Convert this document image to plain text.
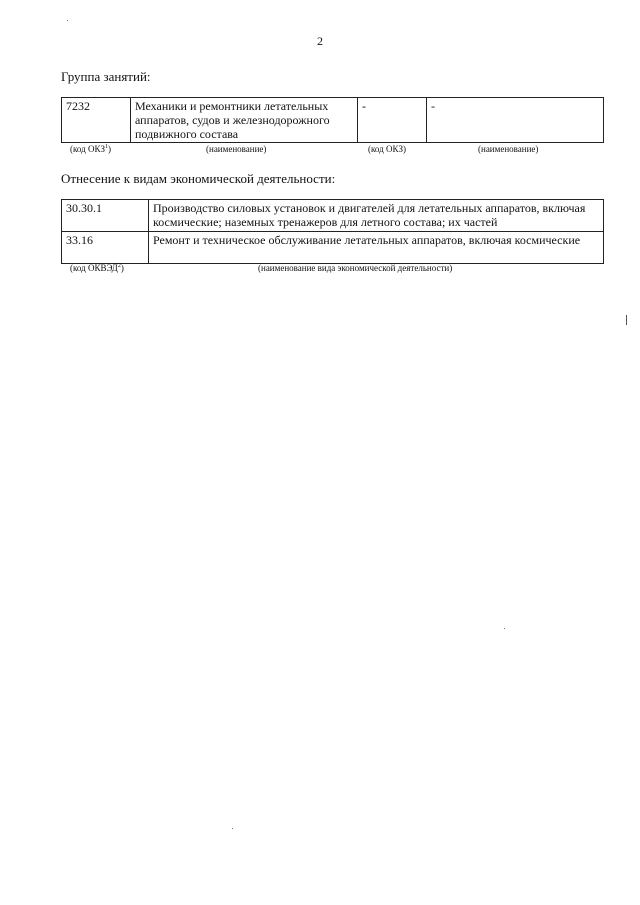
2
Группа занятий:
7232	Механики и ремонтники летательных аппаратов, судов и железнодорожного подвижного состава	-	-
(код ОКЗ$^1$)	(наименование)	(код ОКЗ)	(наименование)
Отнесение к видам экономической деятельности:
30.30.1	Производство силовых установок и двигателей для летательных аппаратов, включая космические; наземных тренажеров для летного состава; их частей
33.16	Ремонт и техническое обслуживание летательных аппаратов, включая космические
(код ОКВЭД$^2$)	(наименование вида экономической деятельности)
